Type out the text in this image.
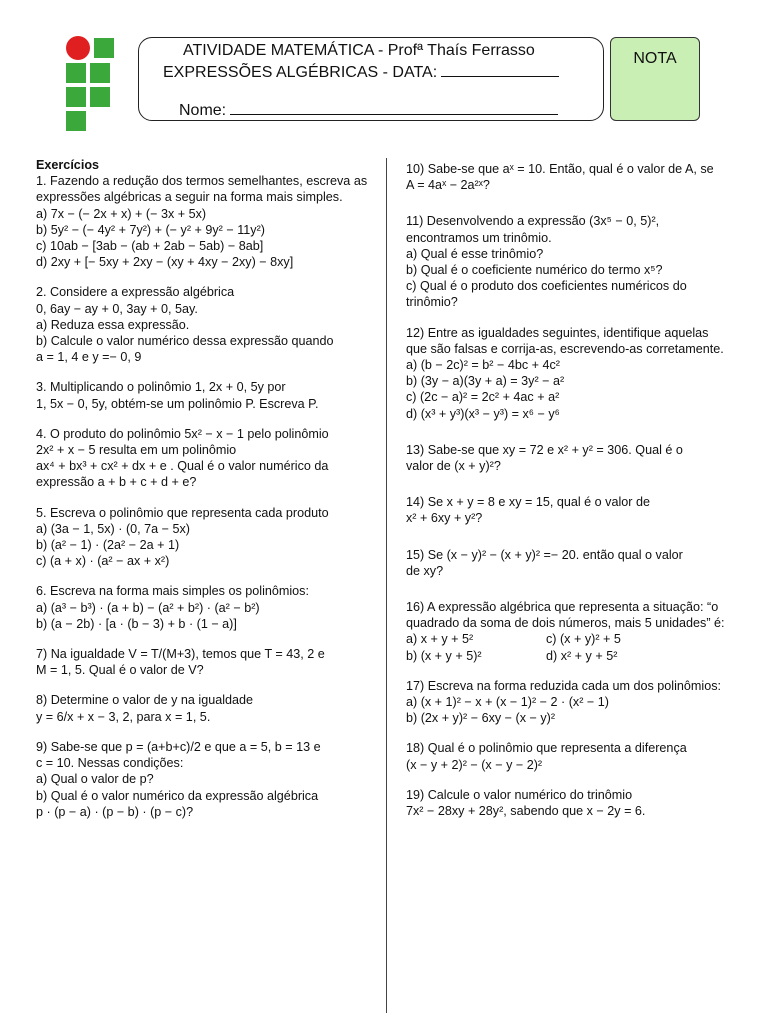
ATIVIDADE MATEMÁTICA - Profª Thaís Ferrasso
EXPRESSÕES ALGÉBRICAS - DATA:
Nome:
NOTA
Exercícios
1. Fazendo a redução dos termos semelhantes, escreva as expressões algébricas a seguir na forma mais simples.
a) 7x − (− 2x + x) + (− 3x + 5x)
b) 5y² − (− 4y² + 7y²) + (− y² + 9y² − 11y²)
c) 10ab − [3ab − (ab + 2ab − 5ab) − 8ab]
d) 2xy + [− 5xy + 2xy − (xy + 4xy − 2xy) − 8xy]
2. Considere a expressão algébrica
0, 6ay − ay + 0, 3ay + 0, 5ay.
a) Reduza essa expressão.
b) Calcule o valor numérico dessa expressão quando
a = 1, 4 e y =− 0, 9
3. Multiplicando o polinômio 1, 2x + 0, 5y por
1, 5x − 0, 5y, obtém-se um polinômio P. Escreva P.
4. O produto do polinômio 5x² − x − 1 pelo polinômio
2x² + x − 5 resulta em um polinômio
ax⁴ + bx³ + cx² + dx + e . Qual é o valor numérico da
expressão a + b + c + d + e?
5. Escreva o polinômio que representa cada produto
a) (3a − 1, 5x) · (0, 7a − 5x)
b) (a² − 1) · (2a² − 2a + 1)
c) (a + x) · (a² − ax + x²)
6. Escreva na forma mais simples os polinômios:
a) (a³ − b³) · (a + b) − (a² + b²) · (a² − b²)
b) (a − 2b) · [a · (b − 3) + b · (1 − a)]
7) Na igualdade V = T/(M+3), temos que T = 43, 2 e
M = 1, 5. Qual é o valor de V?
8) Determine o valor de y na igualdade
y = 6/x + x − 3, 2, para x = 1, 5.
9) Sabe-se que p = (a+b+c)/2 e que a = 5, b = 13 e
c = 10. Nessas condições:
a) Qual o valor de p?
b) Qual é o valor numérico da expressão algébrica
p · (p − a) · (p − b) · (p − c)?
10) Sabe-se que aˣ = 10. Então, qual é o valor de A, se
A = 4aˣ − 2a²ˣ?
11) Desenvolvendo a expressão (3x⁵ − 0, 5)²,
encontramos um trinômio.
a) Qual é esse trinômio?
b) Qual é o coeficiente numérico do termo x⁵?
c) Qual é o produto dos coeficientes numéricos do trinômio?
12) Entre as igualdades seguintes, identifique aquelas que são falsas e corrija-as, escrevendo-as corretamente.
a) (b − 2c)² = b² − 4bc + 4c²
b) (3y − a)(3y + a) = 3y² − a²
c) (2c − a)² = 2c² + 4ac + a²
d) (x³ + y³)(x³ − y³) = x⁶ − y⁶
13) Sabe-se que xy = 72 e x² + y² = 306. Qual é o
valor de (x + y)²?
14) Se x + y = 8 e xy = 15, qual é o valor de
x² + 6xy + y²?
15) Se (x − y)² − (x + y)² =− 20. então qual o valor
de xy?
16) A expressão algébrica que representa a situação: “o quadrado da soma de dois números, mais 5 unidades” é:
a) x + y + 5²	c) (x + y)² + 5
b) (x + y + 5)²	d) x² + y + 5²
17) Escreva na forma reduzida cada um dos polinômios:
a) (x + 1)² − x + (x − 1)² − 2 · (x² − 1)
b) (2x + y)² − 6xy − (x − y)²
18) Qual é o polinômio que representa a diferença
(x − y + 2)² − (x − y − 2)²
19) Calcule o valor numérico do trinômio
7x² − 28xy + 28y², sabendo que x − 2y = 6.
